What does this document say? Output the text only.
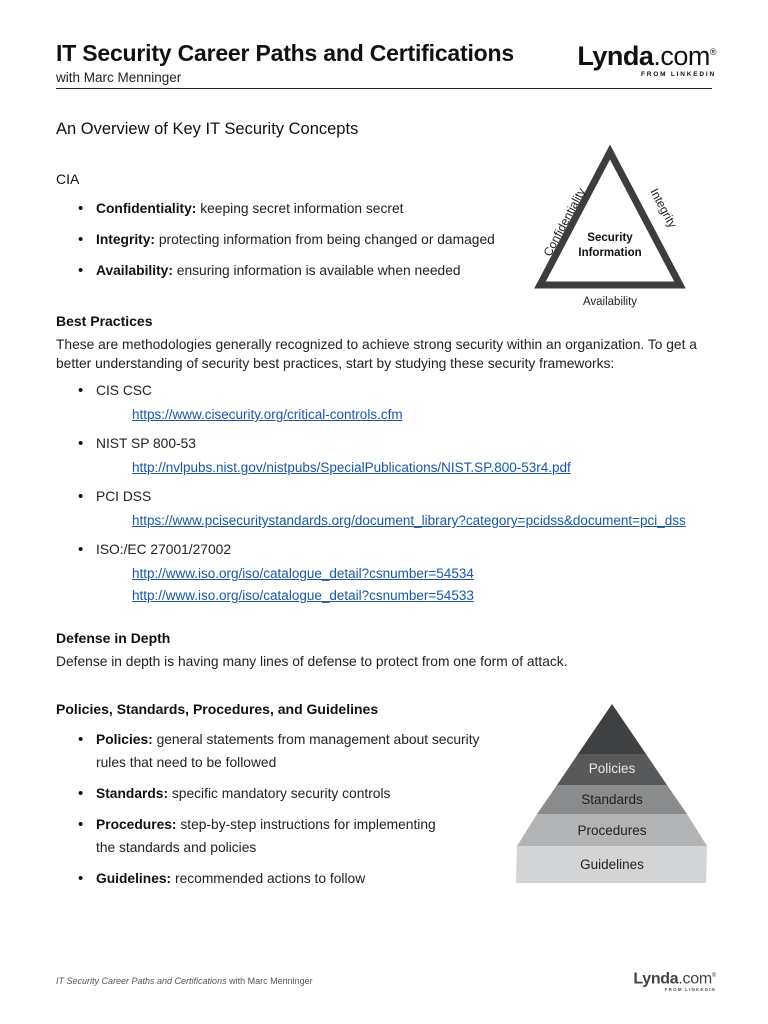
IT Security Career Paths and Certifications
with Marc Menninger
Lynda.com®
FROM LINKEDIN
An Overview of Key IT Security Concepts
CIA
• Confidentiality: keeping secret information secret
• Integrity: protecting information from being changed or damaged
• Availability: ensuring information is available when needed
Confidentiality	Integrity
Security
Information
Availability
Best Practices
These are methodologies generally recognized to achieve strong security within an organization. To get a better understanding of security best practices, start by studying these security frameworks:
• CIS CSC
https://www.cisecurity.org/critical-controls.cfm
• NIST SP 800-53
http://nvlpubs.nist.gov/nistpubs/SpecialPublications/NIST.SP.800-53r4.pdf
• PCI DSS
https://www.pcisecuritystandards.org/document_library?category=pcidss&document=pci_dss
• ISO:/EC 27001/27002
http://www.iso.org/iso/catalogue_detail?csnumber=54534
http://www.iso.org/iso/catalogue_detail?csnumber=54533
Defense in Depth
Defense in depth is having many lines of defense to protect from one form of attack.
Policies, Standards, Procedures, and Guidelines
• Policies: general statements from management about security
rules that need to be followed
• Standards: specific mandatory security controls
• Procedures: step-by-step instructions for implementing
the standards and policies
• Guidelines: recommended actions to follow
Policies
Standards
Procedures
Guidelines
IT Security Career Paths and Certifications with Marc Menninger	Lynda.com®
FROM LINKEDIN
